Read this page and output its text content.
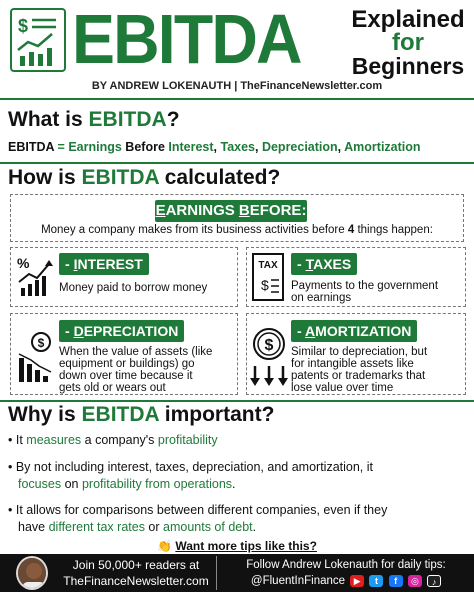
$ EBITDA	Explained
for
Beginners
BY ANDREW LOKENAUTH | TheFinanceNewsletter.com
What is EBITDA?
EBITDA = Earnings Before Interest, Taxes, Depreciation, Amortization
How is EBITDA calculated?
EARNINGS BEFORE:
Money a company makes from its business activities before 4 things happen:
%	- INTEREST
Money paid to borrow money
TAX
$
- TAXES
Payments to the government
on earnings
$
- DEPRECIATION
When the value of assets (like
equipment or buildings) go
down over time because it
gets old or wears out
$
- AMORTIZATION
Similar to depreciation, but
for intangible assets like
patents or trademarks that
lose value over time
Why is EBITDA important?
• It measures a company's profitability
• By not including interest, taxes, depreciation, and amortization, it
focuses on profitability from operations.
• It allows for comparisons between different companies, even if they
have different tax rates or amounts of debt.
👏 Want more tips like this?
Join 50,000+ readers at
TheFinanceNewsletter.com
Follow Andrew Lokenauth for daily tips:
@FluentInFinance ▶ t f ◎ ♪
